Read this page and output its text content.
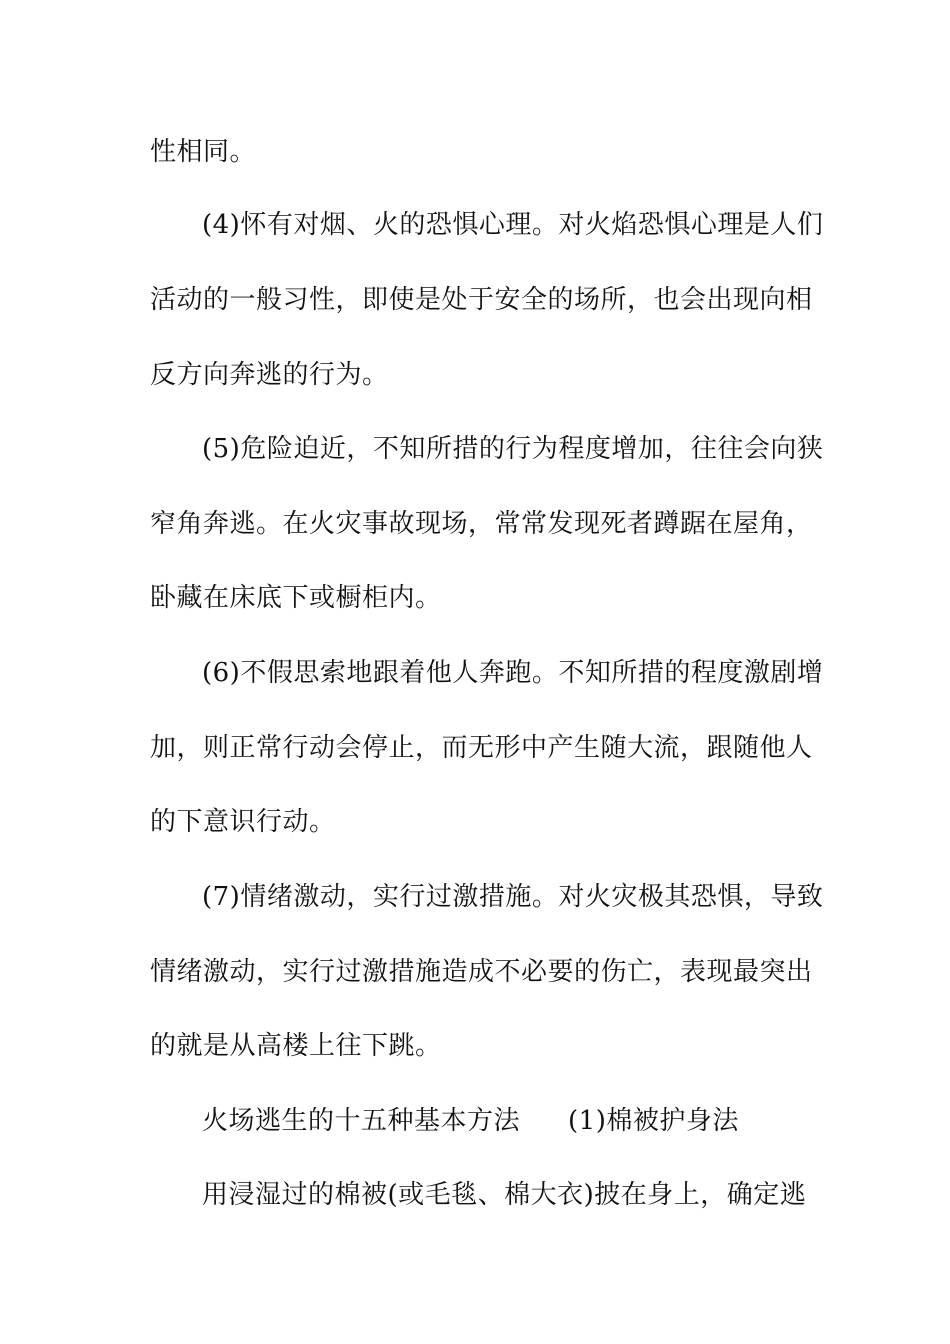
性相同。
(4)怀有对烟、火的恐惧心理。对火焰恐惧心理是人们
活动的一般习性，即使是处于安全的场所，也会出现向相
反方向奔逃的行为。
(5)危险迫近，不知所措的行为程度增加，往往会向狭
窄角奔逃。在火灾事故现场，常常发现死者蹲踞在屋角，
卧藏在床底下或橱柜内。
(6)不假思索地跟着他人奔跑。不知所措的程度激剧增
加，则正常行动会停止，而无形中产生随大流，跟随他人
的下意识行动。
(7)情绪激动，实行过激措施。对火灾极其恐惧，导致
情绪激动，实行过激措施造成不必要的伤亡，表现最突出
的就是从高楼上往下跳。
火场逃生的十五种基本方法 (1)棉被护身法
用浸湿过的棉被(或毛毯、棉大衣)披在身上，确定逃
